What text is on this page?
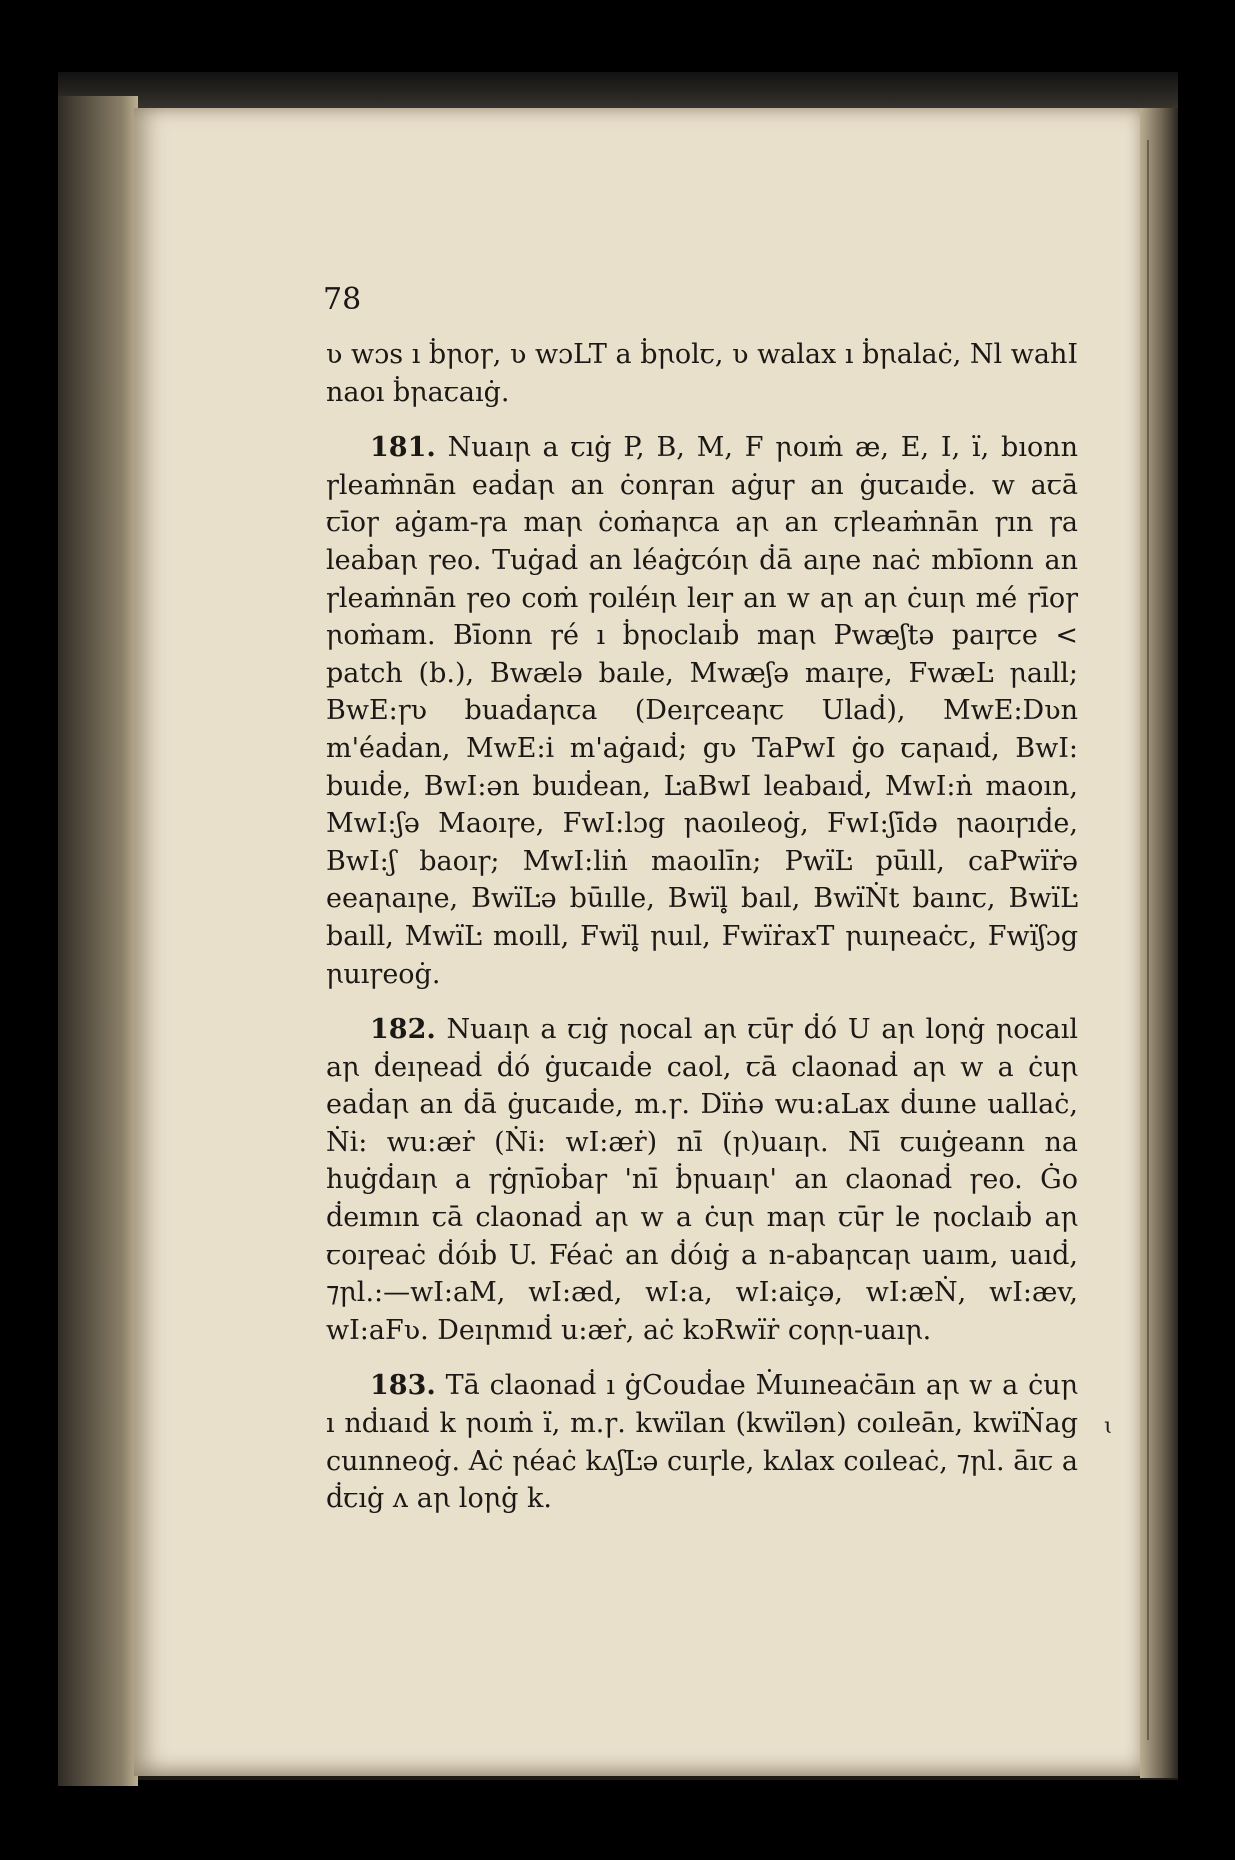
78

ʋ wɔs ı ḃꞃoꞅ, ʋ wɔLT a ḃꞃolꞇ, ʋ walax ı ḃꞃalaċ, Nl wahI naoı ḃꞃaꞇaıġ.

181. Nuaıꞃ a ꞇıġ P, B, M, F ꞃoıṁ æ, E, I, ï, bıonn ꞅleaṁnān eaḋaꞃ an ċonꞅan aġuꞅ an ġuꞇaıḋe. w aꞇā ꞇīoꞅ aġam-ꞅa maꞃ ċoṁaꞃꞇa aꞃ an ꞇꞅleaṁnān ꞅın ꞅa leaḃaꞃ ꞅeo. Tuġaḋ an léaġꞇóıꞃ ḋā aıꞃe naċ mbīonn an ꞅleaṁnān ꞅeo coṁ ꞅoıléıꞃ leıꞅ an w aꞃ aꞃ ċuıꞃ mé ꞅīoꞅ ꞃoṁam. Bīonn ꞅé ı ḃꞃoclaıḃ maꞃ Pwæʃtə paıꞅꞇe < patch (b.), Bwælə baıle, Mwæʃə maıꞅe, FwæĿ ꞃaıll; BwE:ꞅʋ buaḋaꞃꞇa (Deıꞅceaꞃꞇ Ulaḋ), MwE:Dʋn m'éaḋan, MwE:i m'aġaıḋ; gʋ TaPwI ġo ꞇaꞃaıḋ, BwI: buıḋe, BwI:ən buıḋean, ĿaBwI leabaıḋ, MwI:ṅ maoın, MwI:ʃə Maoıꞅe, FwI:lɔg ꞃaoıleoġ, FwI:ʃīdə ꞃaoıꞅıḋe, BwI:ʃ baoıꞅ; MwI:liṅ maoılīn; PwïĿ pūıll, caPwïṙə eeaꞃaıꞃe, BwïĿə būılle, Bwïl̥ baıl, BwïṄt baınꞇ, BwïĿ baıll, MwïĿ moıll, Fwïl̥ ꞃuıl, FwïṙaxT ꞃuıꞃeaċꞇ, Fwïʃɔg ꞃuıꞅeoġ.

182. Nuaıꞃ a ꞇıġ ꞃocal aꞃ ꞇūꞅ ḋó U aꞃ loꞃġ ꞃocaıl aꞃ ḋeıꞃeaḋ ḋó ġuꞇaıḋe caol, ꞇā claonaḋ aꞃ w a ċuꞃ eaḋaꞃ an ḋā ġuꞇaıḋe, m.ꞅ. Dïṅə wu:aLax ḋuıne uallaċ, Ṅi: wu:æṙ (Ṅi: wI:æṙ) nī (ꞃ)uaıꞃ. Nī ꞇuıġeann na huġḋaıꞃ a ꞅġꞃīoḃaꞅ 'nī ḃꞃuaıꞃ' an claonaḋ ꞅeo. Ġo ḋeımın ꞇā claonaḋ aꞃ w a ċuꞃ maꞃ ꞇūꞅ le ꞃoclaıḃ aꞃ ꞇoıꞅeaċ ḋóıḃ U. Féaċ an ḋóıġ a n-abaꞃꞇaꞃ uaım, uaıḋ, ⁊ꞃl.:—wI:aM, wI:æd, wI:a, wI:aiçə, wI:æṄ, wI:æv, wI:aFʋ. Deıꞃmıḋ u:æṙ, aċ kɔRwïṙ coꞃꞃ-uaıꞃ.

183. Tā claonaḋ ı ġCouḋae Ṁuıneaċāın aꞃ w a ċuꞃ ı nḋıaıḋ k ꞃoıṁ ï, m.ꞅ. kwïlan (kwïlən) coıleān, kwïṄag cuınneoġ. Aċ ꞃéaċ kʌʃĿə cuıꞅle, kʌlax coıleaċ, ⁊ꞃl. āıꞇ a ḋꞇıġ ʌ aꞃ loꞃġ k.

ɩ
